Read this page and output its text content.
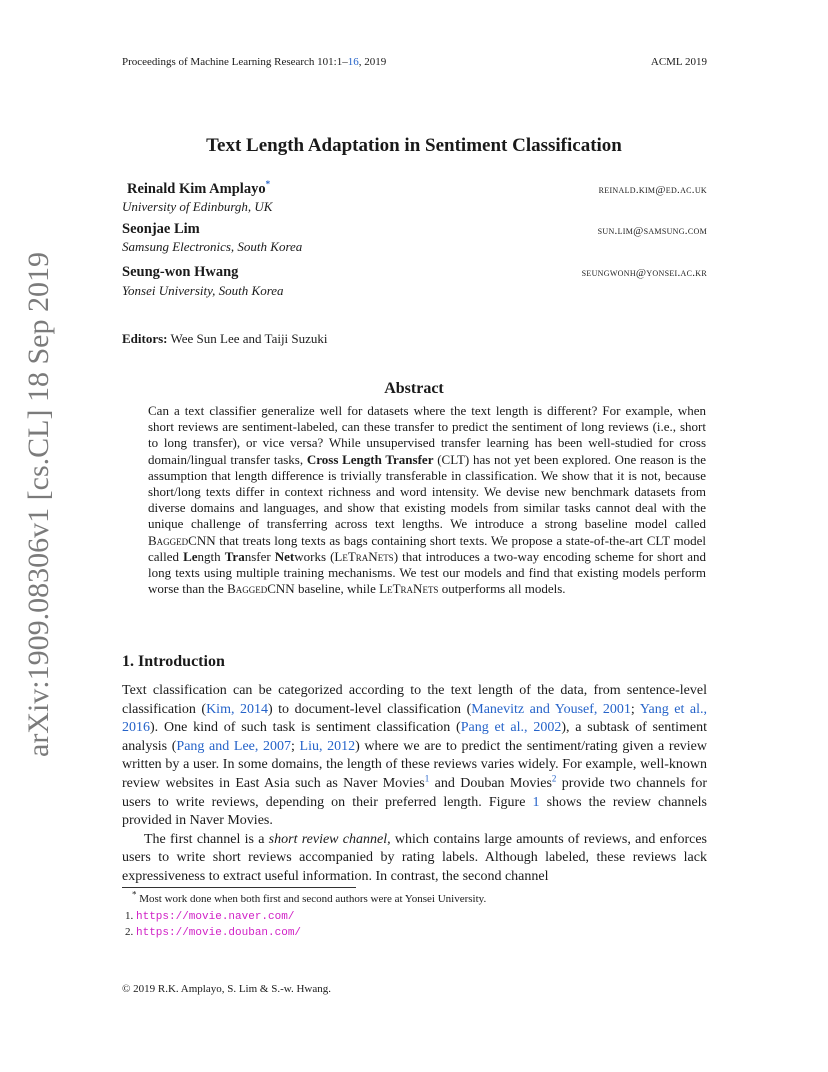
Proceedings of Machine Learning Research 101:1–16, 2019	ACML 2019
arXiv:1909.08306v1 [cs.CL] 18 Sep 2019
Text Length Adaptation in Sentiment Classification
Reinald Kim Amplayo*	reinald.kim@ed.ac.uk
University of Edinburgh, UK
Seonjae Lim	sun.lim@samsung.com
Samsung Electronics, South Korea
Seung-won Hwang	seungwonh@yonsei.ac.kr
Yonsei University, South Korea
Editors: Wee Sun Lee and Taiji Suzuki
Abstract
Can a text classifier generalize well for datasets where the text length is different? For example, when short reviews are sentiment-labeled, can these transfer to predict the sentiment of long reviews (i.e., short to long transfer), or vice versa? While unsupervised transfer learning has been well-studied for cross domain/lingual transfer tasks, Cross Length Transfer (CLT) has not yet been explored. One reason is the assumption that length difference is trivially transferable in classification. We show that it is not, because short/long texts differ in context richness and word intensity. We devise new benchmark datasets from diverse domains and languages, and show that existing models from similar tasks cannot deal with the unique challenge of transferring across text lengths. We introduce a strong baseline model called BaggedCNN that treats long texts as bags containing short texts. We propose a state-of-the-art CLT model called Length Transfer Networks (LeTraNets) that introduces a two-way encoding scheme for short and long texts using multiple training mechanisms. We test our models and find that existing models perform worse than the BaggedCNN baseline, while LeTraNets outperforms all models.
1. Introduction
Text classification can be categorized according to the text length of the data, from sentence-level classification (Kim, 2014) to document-level classification (Manevitz and Yousef, 2001; Yang et al., 2016). One kind of such task is sentiment classification (Pang et al., 2002), a subtask of sentiment analysis (Pang and Lee, 2007; Liu, 2012) where we are to predict the sentiment/rating given a review written by a user. In some domains, the length of these reviews varies widely. For example, well-known review websites in East Asia such as Naver Movies$^1$ and Douban Movies$^2$ provide two channels for users to write reviews, depending on their preferred length. Figure 1 shows the review channels provided in Naver Movies.
The first channel is a short review channel, which contains large amounts of reviews, and enforces users to write short reviews accompanied by rating labels. Although labeled, these reviews lack expressiveness to extract useful information. In contrast, the second channel
* Most work done when both first and second authors were at Yonsei University.
1. https://movie.naver.com/
2. https://movie.douban.com/
© 2019 R.K. Amplayo, S. Lim & S.-w. Hwang.
